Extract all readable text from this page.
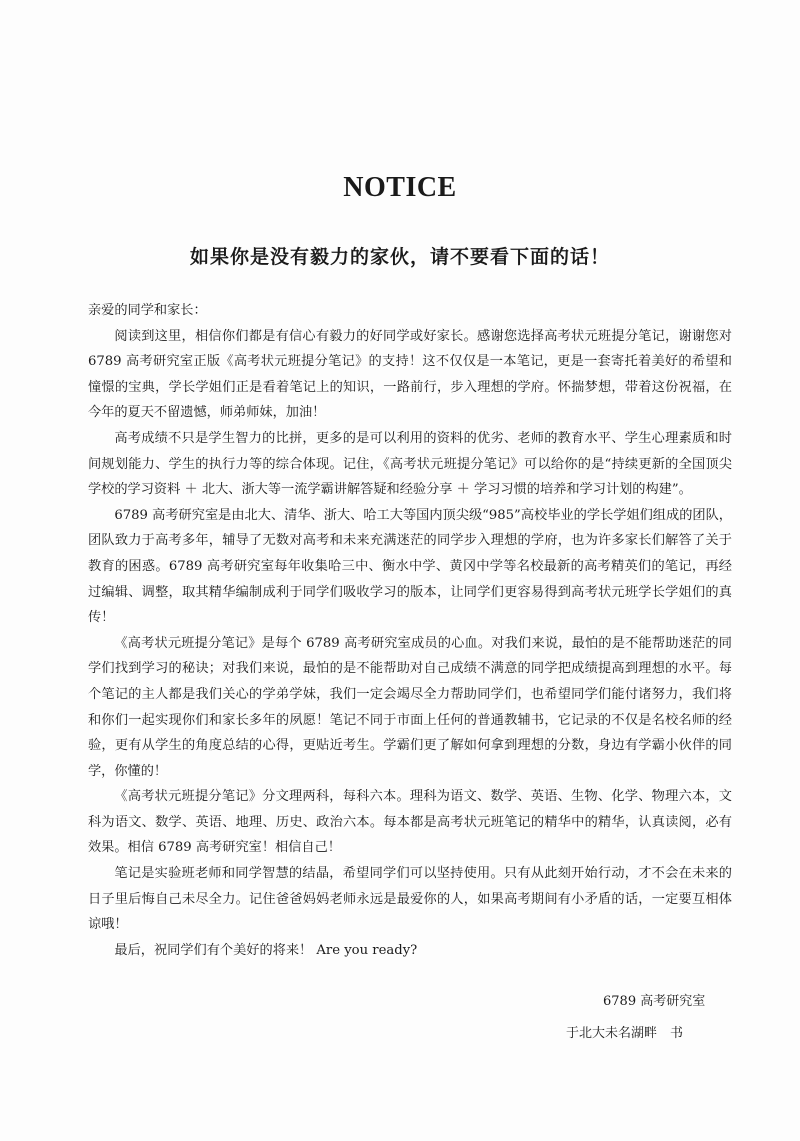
NOTICE
如果你是没有毅力的家伙，请不要看下面的话！

亲爱的同学和家长：

阅读到这里，相信你们都是有信心有毅力的好同学或好家长。感谢您选择高考状元班提分笔记，谢谢您对 6789 高考研究室正版《高考状元班提分笔记》的支持！这不仅仅是一本笔记，更是一套寄托着美好的希望和憧憬的宝典，学长学姐们正是看着笔记上的知识，一路前行，步入理想的学府。怀揣梦想，带着这份祝福，在今年的夏天不留遗憾，师弟师妹，加油！

高考成绩不只是学生智力的比拼，更多的是可以利用的资料的优劣、老师的教育水平、学生心理素质和时间规划能力、学生的执行力等的综合体现。记住，《高考状元班提分笔记》可以给你的是“持续更新的全国顶尖学校的学习资料 ＋ 北大、浙大等一流学霸讲解答疑和经验分享 ＋ 学习习惯的培养和学习计划的构建”。

6789 高考研究室是由北大、清华、浙大、哈工大等国内顶尖级“985”高校毕业的学长学姐们组成的团队，团队致力于高考多年，辅导了无数对高考和未来充满迷茫的同学步入理想的学府，也为许多家长们解答了关于教育的困惑。6789 高考研究室每年收集哈三中、衡水中学、黄冈中学等名校最新的高考精英们的笔记，再经过编辑、调整，取其精华编制成利于同学们吸收学习的版本，让同学们更容易得到高考状元班学长学姐们的真传！

《高考状元班提分笔记》是每个 6789 高考研究室成员的心血。对我们来说，最怕的是不能帮助迷茫的同学们找到学习的秘诀；对我们来说，最怕的是不能帮助对自己成绩不满意的同学把成绩提高到理想的水平。每个笔记的主人都是我们关心的学弟学妹，我们一定会竭尽全力帮助同学们，也希望同学们能付诸努力，我们将和你们一起实现你们和家长多年的夙愿！笔记不同于市面上任何的普通教辅书，它记录的不仅是名校名师的经验，更有从学生的角度总结的心得，更贴近考生。学霸们更了解如何拿到理想的分数，身边有学霸小伙伴的同学，你懂的！

《高考状元班提分笔记》分文理两科，每科六本。理科为语文、数学、英语、生物、化学、物理六本，文科为语文、数学、英语、地理、历史、政治六本。每本都是高考状元班笔记的精华中的精华，认真读阅，必有效果。相信 6789 高考研究室！相信自己！

笔记是实验班老师和同学智慧的结晶，希望同学们可以坚持使用。只有从此刻开始行动，才不会在未来的日子里后悔自己未尽全力。记住爸爸妈妈老师永远是最爱你的人，如果高考期间有小矛盾的话，一定要互相体谅哦！

最后，祝同学们有个美好的将来！ Are you ready?

6789 高考研究室
于北大未名湖畔　书
